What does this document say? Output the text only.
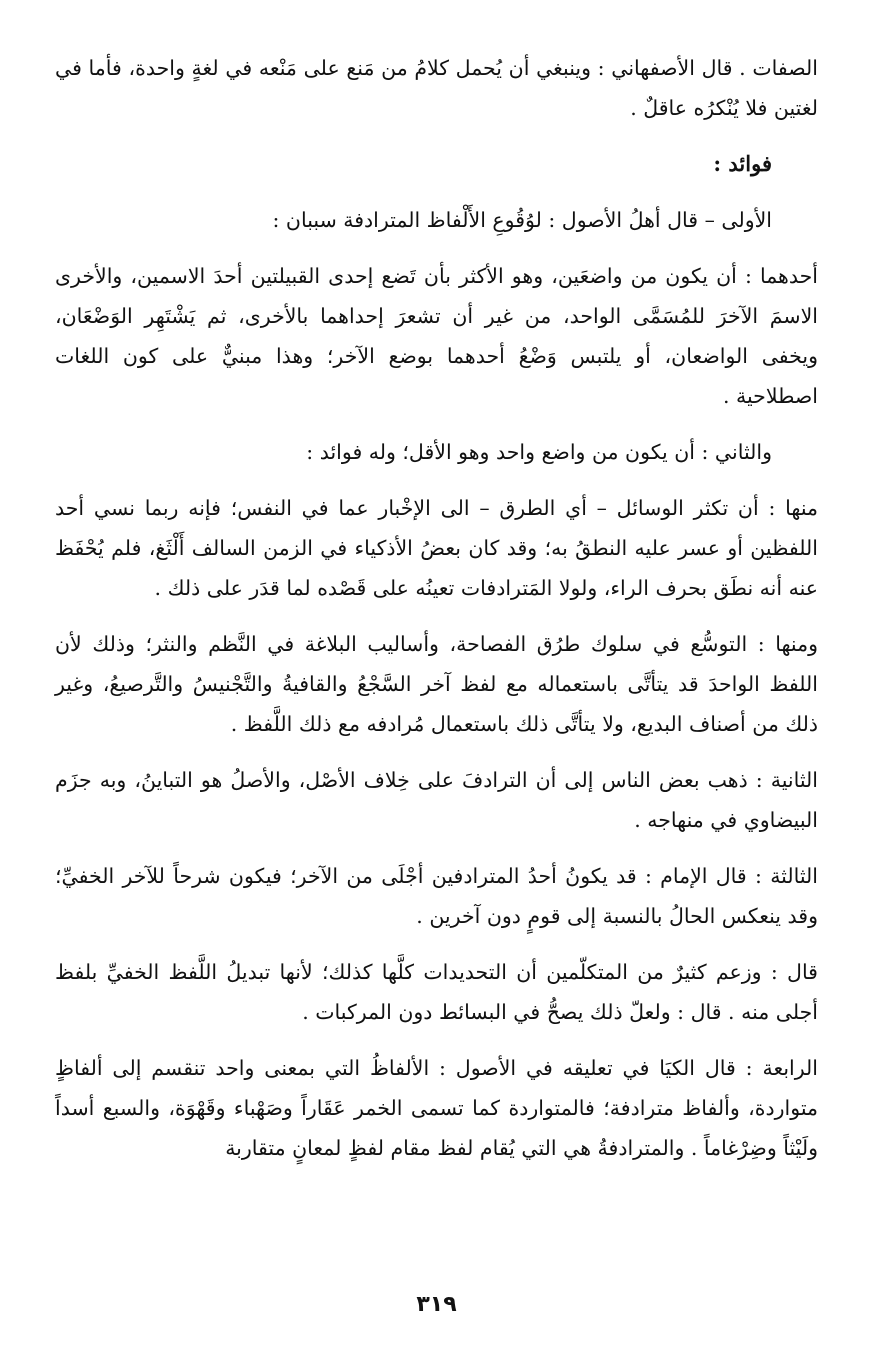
الصفات . قال الأصفهاني : وينبغي أن يُحمل كلامُ من مَنع على مَنْعه في لغةٍ واحدة، فأما في لغتين فلا يُنْكرُه عاقلٌ .

فوائد :

الأولى – قال أهلُ الأصول : لوُقُوعِ الأَلْفاظ المترادفة سببان :

أحدهما : أن يكون من واضعَين، وهو الأكثر بأن تَضع إحدى القبيلتين أحدَ الاسمين، والأخرى الاسمَ الآخرَ للمُسَمَّى الواحد، من غير أن تشعرَ إحداهما بالأخرى، ثم يَشْتَهِر الوَضْعَان، ويخفى الواضعان، أو يلتبس وَضْعُ أحدهما بوضع الآخر؛ وهذا مبنيٌّ على كون اللغات اصطلاحية .

والثاني : أن يكون من واضع واحد وهو الأقل؛ وله فوائد :

منها : أن تكثر الوسائل – أي الطرق – الى الإخْبار عما في النفس؛ فإنه ربما نسي أحد اللفظين أو عسر عليه النطقُ به؛ وقد كان بعضُ الأذكياء في الزمن السالف أَلْثَغ، فلم يُحْفَظ عنه أنه نطَق بحرف الراء، ولولا المَترادفات تعينُه على قَصْده لما قدَر على ذلك .

ومنها : التوسُّع في سلوك طرُق الفصاحة، وأساليب البلاغة في النَّظم والنثر؛ وذلك لأن اللفظ الواحدَ قد يتأتَّى باستعماله مع لفظ آخر السَّجْعُ والقافيةُ والتَّجْنيسُ والتَّرصيعُ، وغير ذلك من أصناف البديع، ولا يتأتَّى ذلك باستعمال مُرادفه مع ذلك اللَّفظ .

الثانية : ذهب بعض الناس إلى أن الترادفَ على خِلاف الأصْل، والأصلُ هو التباينُ، وبه جزَم البيضاوي في منهاجه .

الثالثة : قال الإمام : قد يكونُ أحدُ المترادفين أجْلَى من الآخر؛ فيكون شرحاً للآخر الخفيِّ؛ وقد ينعكس الحالُ بالنسبة إلى قومٍ دون آخرين .

قال : وزعم كثيرٌ من المتكلّمين أن التحديدات كلَّها كذلك؛ لأنها تبديلُ اللَّفظ الخفيِّ بلفظ أجلى منه . قال : ولعلّ ذلك يصحُّ في البسائط دون المركبات .

الرابعة : قال الكيَا في تعليقه في الأصول : الألفاظُ التي بمعنى واحد تنقسم إلى ألفاظٍ متواردة، وألفاظ مترادفة؛ فالمتواردة كما تسمى الخمر عَقَاراً وصَهْباء وقَهْوَة، والسبع أسداً ولَيْثاً وضِرْغاماً . والمترادفةُ هي التي يُقام لفظ مقام لفظٍ لمعانٍ متقاربة

٣١٩
